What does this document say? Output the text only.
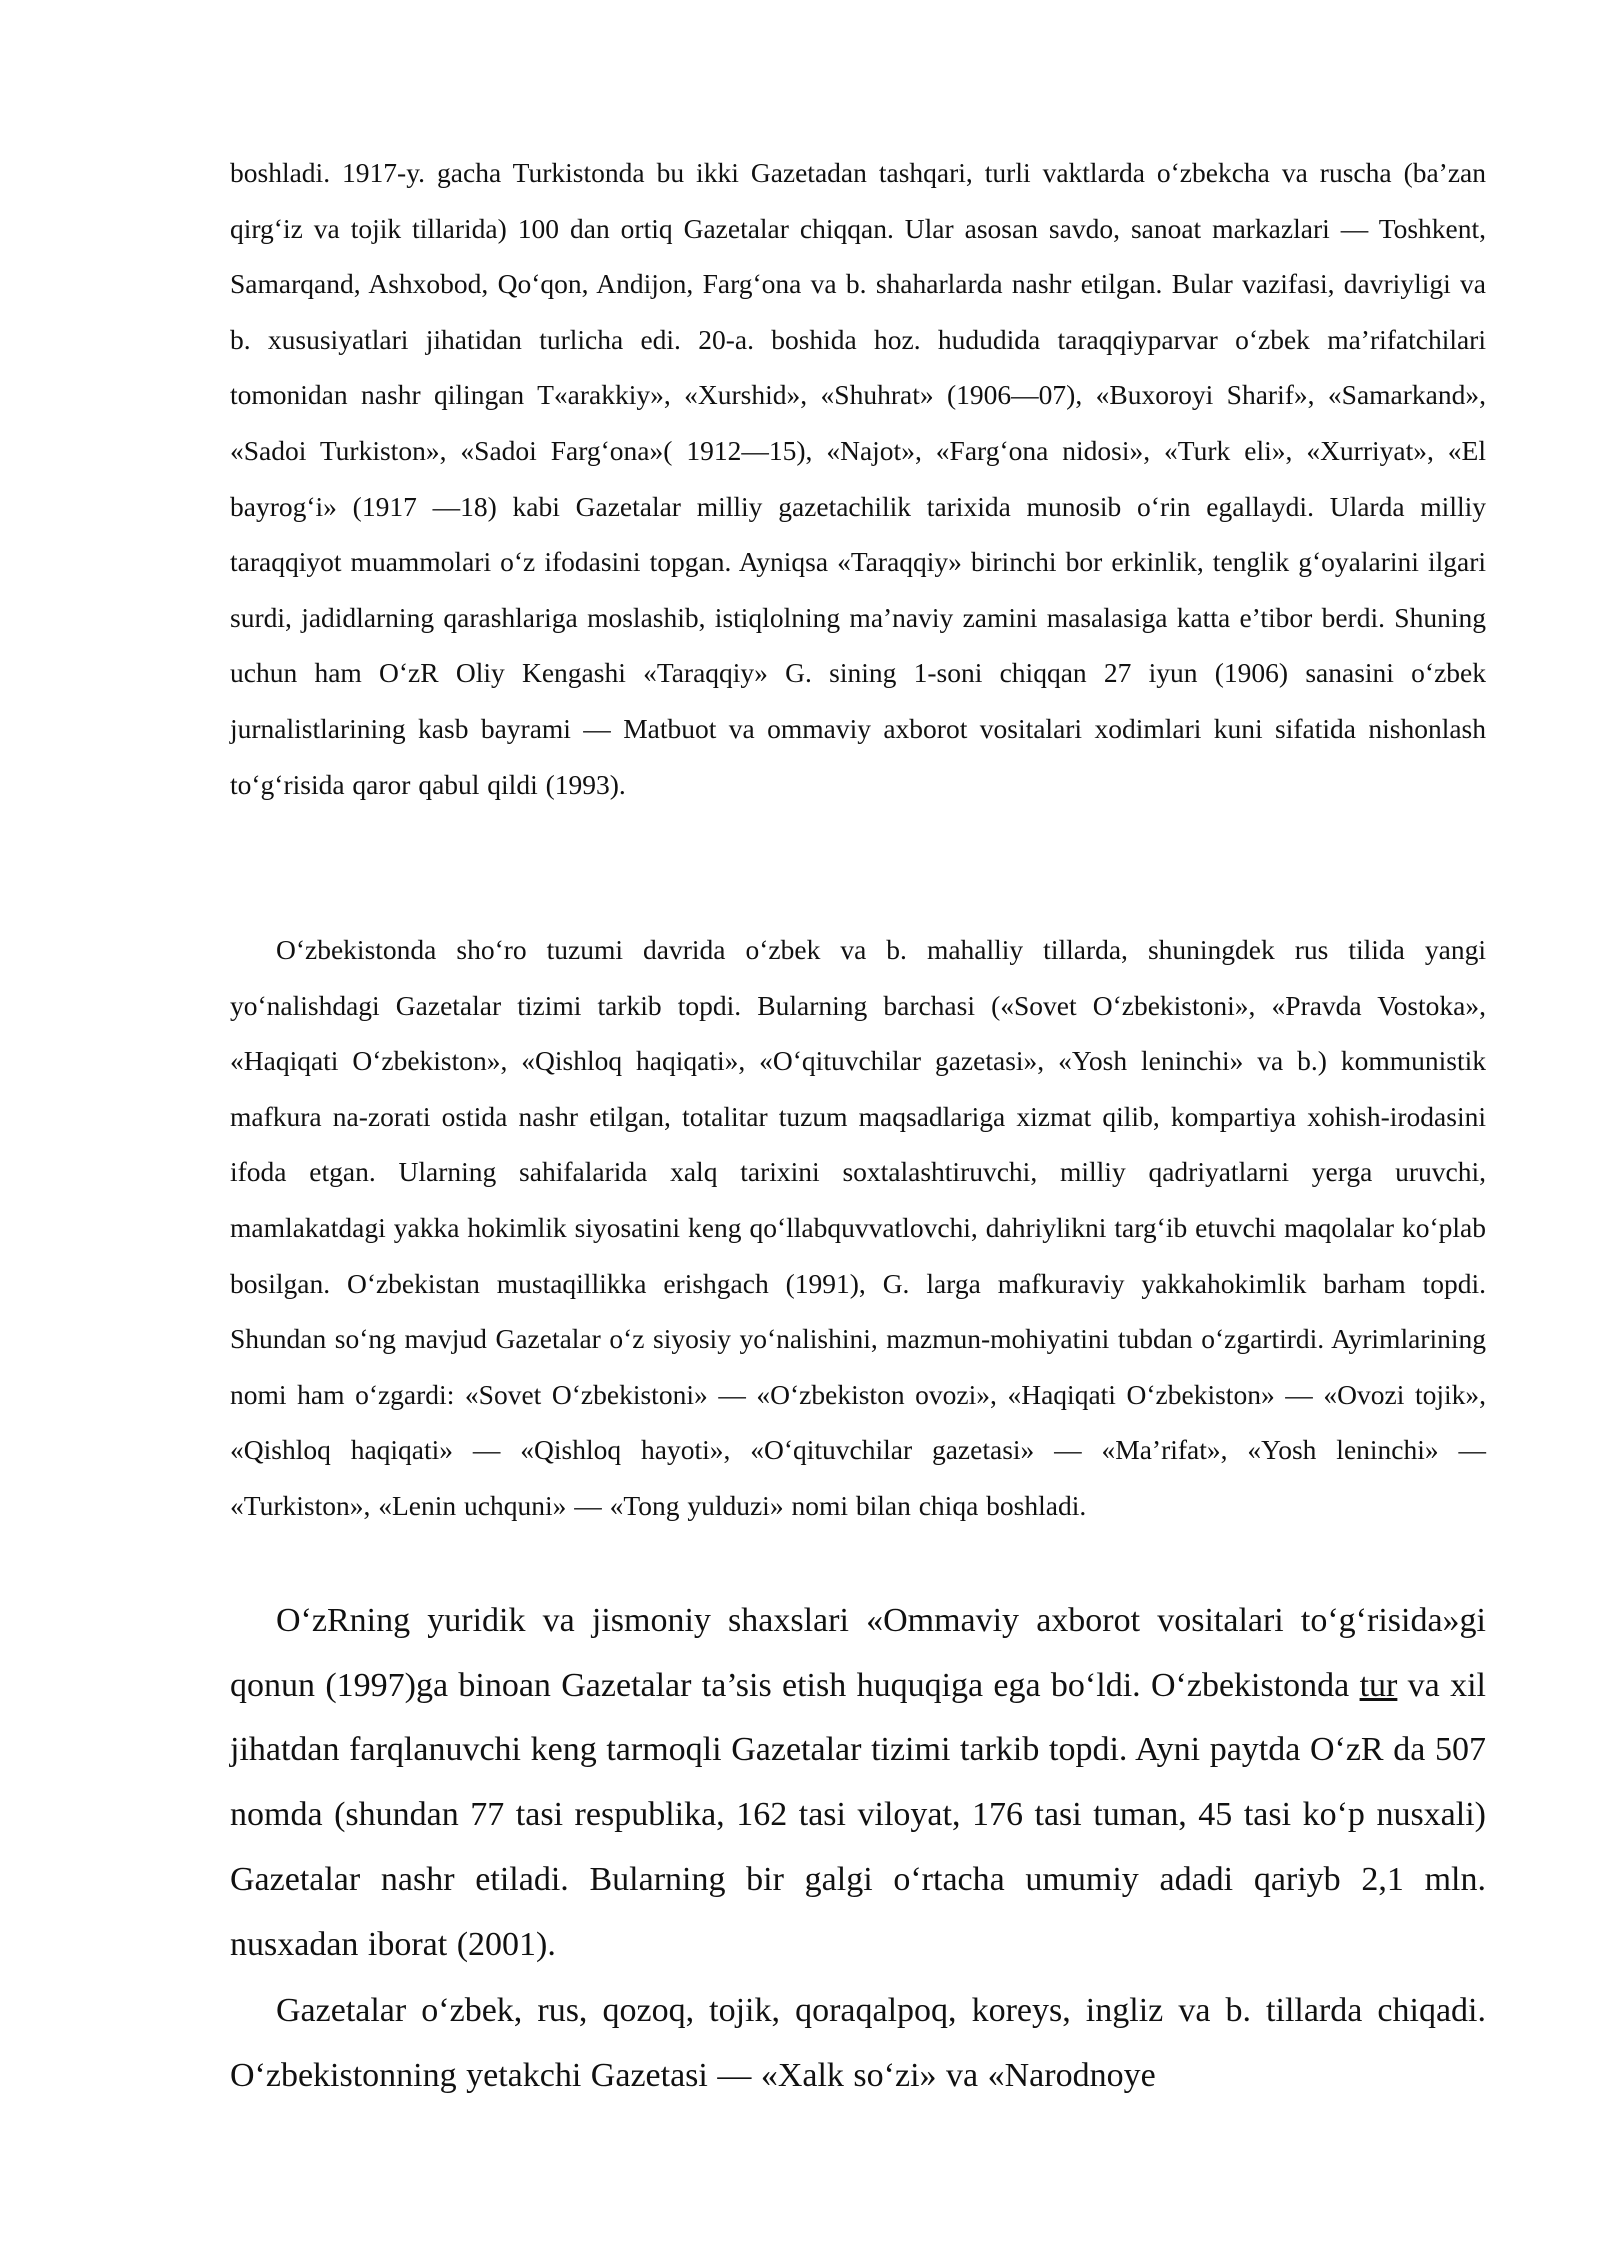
boshladi. 1917-y. gacha Turkistonda bu ikki Gazetadan tashqari, turli vaktlarda o‘zbekcha va ruscha (ba’zan qirg‘iz va tojik tillarida) 100 dan ortiq Gazetalar chiqqan. Ular asosan savdo, sanoat markazlari — Toshkent, Samarqand, Ashxobod, Qo‘qon, Andijon, Farg‘ona va b. shaharlarda nashr etilgan. Bular vazifasi, davriyligi va b. xususiyatlari jihatidan turlicha edi. 20-a. boshida hoz. hududida taraqqiyparvar o‘zbek ma’rifatchilari tomonidan nashr qilingan T«arakkiy», «Xurshid», «Shuhrat» (1906—07), «Buxoroyi Sharif», «Samarkand», «Sadoi Turkiston», «Sadoi Farg‘ona»( 1912—15), «Najot», «Farg‘ona nidosi», «Turk eli», «Xurriyat», «El bayrog‘i» (1917 —18) kabi Gazetalar milliy gazetachilik tarixida munosib o‘rin egallaydi. Ularda milliy taraqqiyot muammolari o‘z ifodasini topgan. Ayniqsa «Taraqqiy» birinchi bor erkinlik, tenglik g‘oyalarini ilgari surdi, jadidlarning qarashlariga moslashib, istiqlolning ma’naviy zamini masalasiga katta e’tibor berdi. Shuning uchun ham O‘zR Oliy Kengashi «Taraqqiy» G. sining 1-soni chiqqan 27 iyun (1906) sanasini o‘zbek jurnalistlarining kasb bayrami — Matbuot va ommaviy axborot vositalari xodimlari kuni sifatida nishonlash to‘g‘risida qaror qabul qildi (1993).

O‘zbekistonda sho‘ro tuzumi davrida o‘zbek va b. mahalliy tillarda, shuningdek rus tilida yangi yo‘nalishdagi Gazetalar tizimi tarkib topdi. Bularning barchasi («Sovet O‘zbekistoni», «Pravda Vostoka», «Haqiqati O‘zbekiston», «Qishloq haqiqati», «O‘qituvchilar gazetasi», «Yosh leninchi» va b.) kommunistik mafkura na-zorati ostida nashr etilgan, totalitar tuzum maqsadlariga xizmat qilib, kompartiya xohish-irodasini ifoda etgan. Ularning sahifalarida xalq tarixini soxtalashtiruvchi, milliy qadriyatlarni yerga uruvchi, mamlakatdagi yakka hokimlik siyosatini keng qo‘llabquvvatlovchi, dahriylikni targ‘ib etuvchi maqolalar ko‘plab bosilgan. O‘zbekistan mustaqillikka erishgach (1991), G. larga mafkuraviy yakkahokimlik barham topdi. Shundan so‘ng mavjud Gazetalar o‘z siyosiy yo‘nalishini, mazmun-mohiyatini tubdan o‘zgartirdi. Ayrimlarining nomi ham o‘zgardi: «Sovet O‘zbekistoni» — «O‘zbekiston ovozi», «Haqiqati O‘zbekiston» — «Ovozi tojik», «Qishloq haqiqati» — «Qishloq hayoti», «O‘qituvchilar gazetasi» — «Ma’rifat», «Yosh leninchi» — «Turkiston», «Lenin uchquni» — «Tong yulduzi» nomi bilan chiqa boshladi.

O‘zRning yuridik va jismoniy shaxslari «Ommaviy axborot vositalari to‘g‘risida»gi qonun (1997)ga binoan Gazetalar ta’sis etish huquqiga ega bo‘ldi. O‘zbekistonda tur va xil jihatdan farqlanuvchi keng tarmoqli Gazetalar tizimi tarkib topdi. Ayni paytda O‘zR da 507 nomda (shundan 77 tasi respublika, 162 tasi viloyat, 176 tasi tuman, 45 tasi ko‘p nusxali) Gazetalar nashr etiladi. Bularning bir galgi o‘rtacha umumiy adadi qariyb 2,1 mln. nusxadan iborat (2001).

Gazetalar o‘zbek, rus, qozoq, tojik, qoraqalpoq, koreys, ingliz va b. tillarda chiqadi. O‘zbekistonning yetakchi Gazetasi — «Xalk so‘zi» va «Narodnoye
